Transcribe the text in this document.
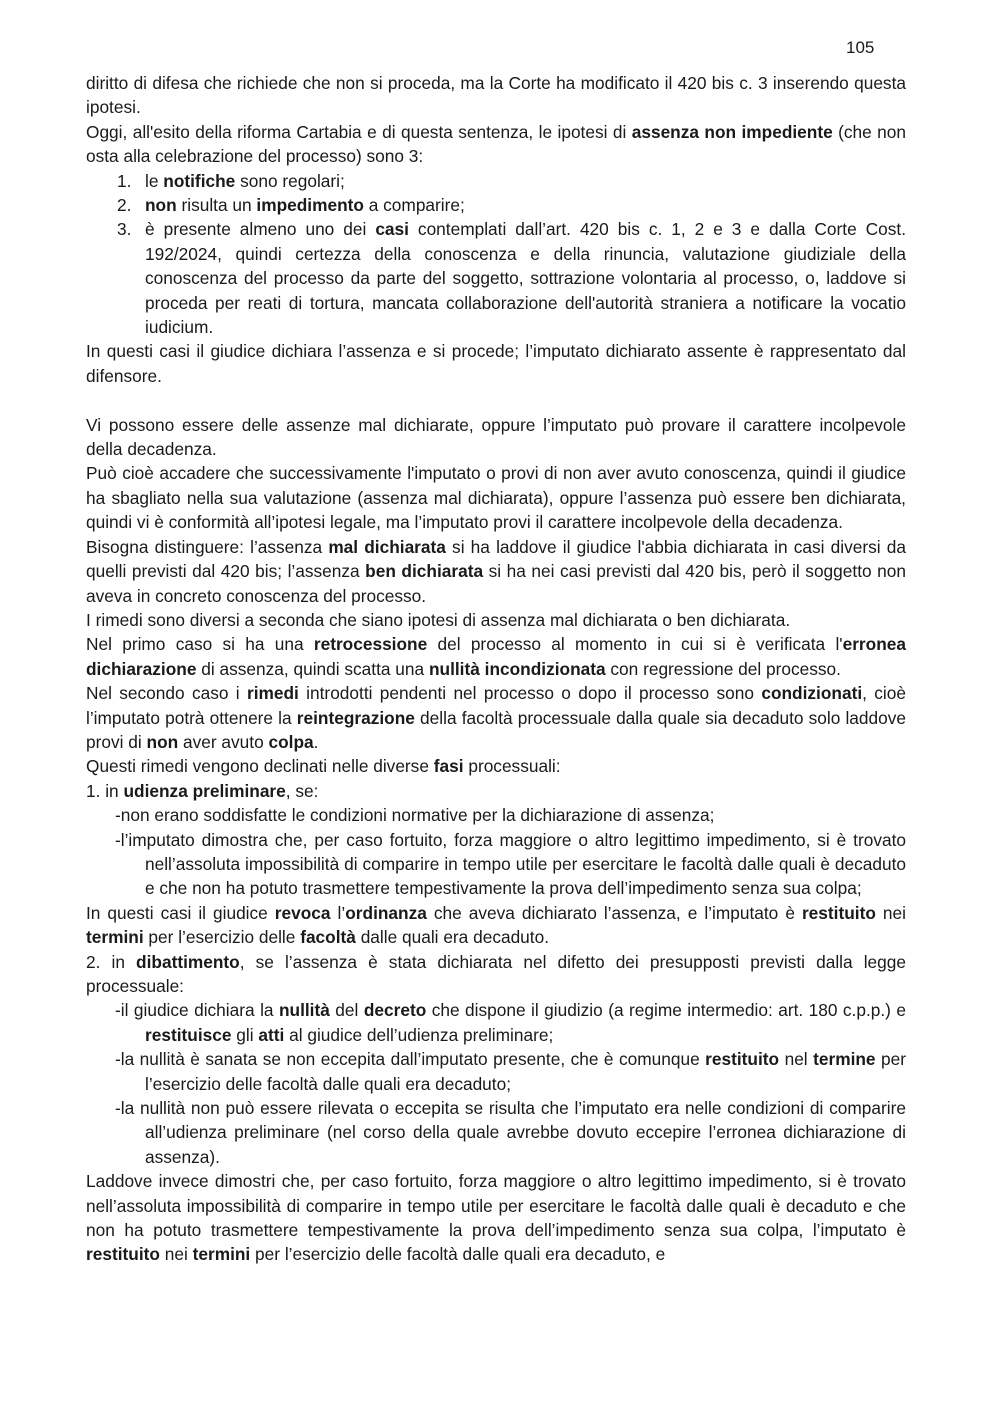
105

diritto di difesa che richiede che non si proceda, ma la Corte ha modificato il 420 bis c. 3 inserendo questa ipotesi.

Oggi, all'esito della riforma Cartabia e di questa sentenza, le ipotesi di assenza non impediente (che non osta alla celebrazione del processo) sono 3:

1. le notifiche sono regolari;
2. non risulta un impedimento a comparire;
3. è presente almeno uno dei casi contemplati dall’art. 420 bis c. 1, 2 e 3 e dalla Corte Cost. 192/2024, quindi certezza della conoscenza e della rinuncia, valutazione giudiziale della conoscenza del processo da parte del soggetto, sottrazione volontaria al processo, o, laddove si proceda per reati di tortura, mancata collaborazione dell'autorità straniera a notificare la vocatio iudicium.

In questi casi il giudice dichiara l’assenza e si procede; l’imputato dichiarato assente è rappresentato dal difensore.

Vi possono essere delle assenze mal dichiarate, oppure l’imputato può provare il carattere incolpevole della decadenza.

Può cioè accadere che successivamente l'imputato o provi di non aver avuto conoscenza, quindi il giudice ha sbagliato nella sua valutazione (assenza mal dichiarata), oppure l’assenza può essere ben dichiarata, quindi vi è conformità all’ipotesi legale, ma l’imputato provi il carattere incolpevole della decadenza.

Bisogna distinguere: l’assenza mal dichiarata si ha laddove il giudice l'abbia dichiarata in casi diversi da quelli previsti dal 420 bis; l’assenza ben dichiarata si ha nei casi previsti dal 420 bis, però il soggetto non aveva in concreto conoscenza del processo.

I rimedi sono diversi a seconda che siano ipotesi di assenza mal dichiarata o ben dichiarata.

Nel primo caso si ha una retrocessione del processo al momento in cui si è verificata l'erronea dichiarazione di assenza, quindi scatta una nullità incondizionata con regressione del processo.

Nel secondo caso i rimedi introdotti pendenti nel processo o dopo il processo sono condizionati, cioè l’imputato potrà ottenere la reintegrazione della facoltà processuale dalla quale sia decaduto solo laddove provi di non aver avuto colpa.

Questi rimedi vengono declinati nelle diverse fasi processuali:

1. in udienza preliminare, se:

-non erano soddisfatte le condizioni normative per la dichiarazione di assenza;
-l’imputato dimostra che, per caso fortuito, forza maggiore o altro legittimo impedimento, si è trovato nell’assoluta impossibilità di comparire in tempo utile per esercitare le facoltà dalle quali è decaduto e che non ha potuto trasmettere tempestivamente la prova dell’impedimento senza sua colpa;

In questi casi il giudice revoca l’ordinanza che aveva dichiarato l’assenza, e l’imputato è restituito nei termini per l’esercizio delle facoltà dalle quali era decaduto.

2. in dibattimento, se l’assenza è stata dichiarata nel difetto dei presupposti previsti dalla legge processuale:

-il giudice dichiara la nullità del decreto che dispone il giudizio (a regime intermedio: art. 180 c.p.p.) e restituisce gli atti al giudice dell’udienza preliminare;
-la nullità è sanata se non eccepita dall’imputato presente, che è comunque restituito nel termine per l’esercizio delle facoltà dalle quali era decaduto;
-la nullità non può essere rilevata o eccepita se risulta che l’imputato era nelle condizioni di comparire all’udienza preliminare (nel corso della quale avrebbe dovuto eccepire l’erronea dichiarazione di assenza).

Laddove invece dimostri che, per caso fortuito, forza maggiore o altro legittimo impedimento, si è trovato nell’assoluta impossibilità di comparire in tempo utile per esercitare le facoltà dalle quali è decaduto e che non ha potuto trasmettere tempestivamente la prova dell’impedimento senza sua colpa, l’imputato è restituito nei termini per l’esercizio delle facoltà dalle quali era decaduto, e
